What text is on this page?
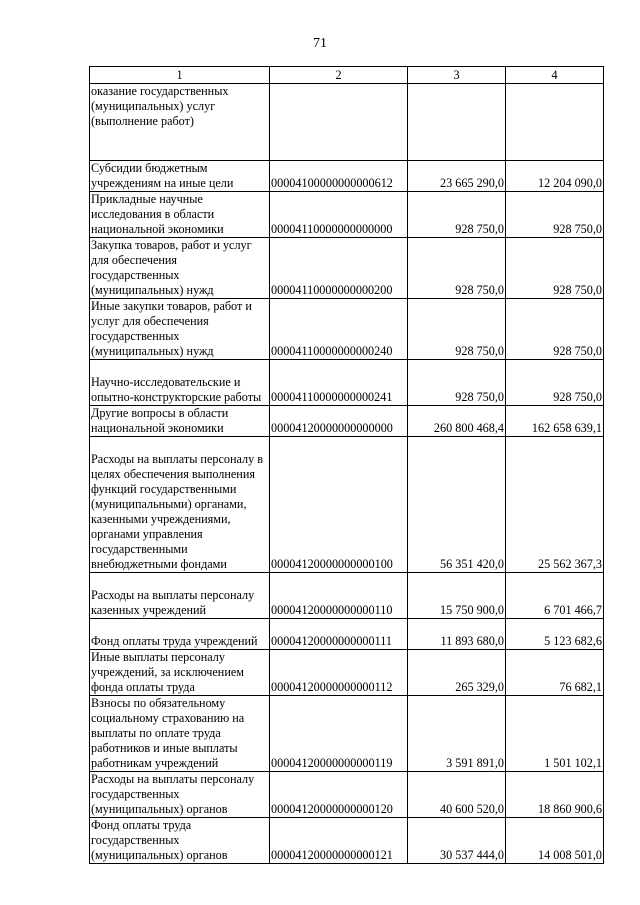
71
1	2	3	4
оказание государственных (муниципальных) услуг (выполнение работ)			
Субсидии бюджетным учреждениям на иные цели	00004100000000000612	23 665 290,0	12 204 090,0
Прикладные научные исследования в области национальной экономики	00004110000000000000	928 750,0	928 750,0
Закупка товаров, работ и услуг для обеспечения государственных (муниципальных) нужд	00004110000000000200	928 750,0	928 750,0
Иные закупки товаров, работ и услуг для обеспечения государственных (муниципальных) нужд	00004110000000000240	928 750,0	928 750,0
Научно-исследовательские и опытно-конструкторские работы	00004110000000000241	928 750,0	928 750,0
Другие вопросы в области национальной экономики	00004120000000000000	260 800 468,4	162 658 639,1
Расходы на выплаты персоналу в целях обеспечения выполнения функций государственными (муниципальными) органами, казенными учреждениями, органами управления государственными внебюджетными фондами	00004120000000000100	56 351 420,0	25 562 367,3
Расходы на выплаты персоналу казенных учреждений	00004120000000000110	15 750 900,0	6 701 466,7
Фонд оплаты труда учреждений	00004120000000000111	11 893 680,0	5 123 682,6
Иные выплаты персоналу учреждений, за исключением фонда оплаты труда	00004120000000000112	265 329,0	76 682,1
Взносы по обязательному социальному страхованию на выплаты по оплате труда работников и иные выплаты работникам учреждений	00004120000000000119	3 591 891,0	1 501 102,1
Расходы на выплаты персоналу государственных (муниципальных) органов	00004120000000000120	40 600 520,0	18 860 900,6
Фонд оплаты труда государственных (муниципальных) органов	00004120000000000121	30 537 444,0	14 008 501,0
